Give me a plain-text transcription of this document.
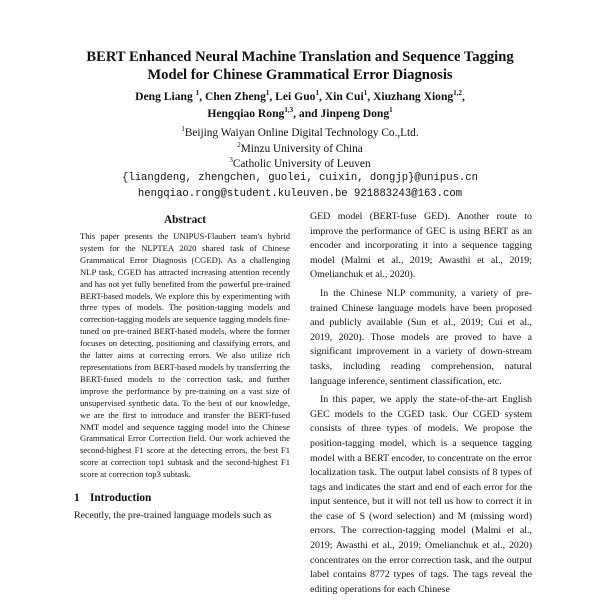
BERT Enhanced Neural Machine Translation and Sequence Tagging
Model for Chinese Grammatical Error Diagnosis
Deng Liang $^1$, Chen Zheng$^1$, Lei Guo$^1$, Xin Cui$^1$, Xiuzhang Xiong$^{1,2}$,
Hengqiao Rong$^{1,3}$, and Jinpeng Dong$^1$
$^1$Beijing Waiyan Online Digital Technology Co.,Ltd.
$^2$Minzu University of China
$^3$Catholic University of Leuven
{liangdeng, zhengchen, guolei, cuixin, dongjp}@unipus.cn
hengqiao.rong@student.kuleuven.be 921883243@163.com
Abstract

This paper presents the UNIPUS-Flaubert team's hybrid system for the NLPTEA 2020 shared task of Chinese Grammatical Error Diagnosis (CGED). As a challenging NLP task, CGED has attracted increasing attention recently and has not yet fully benefited from the powerful pre-trained BERT-based models. We explore this by experimenting with three types of models. The position-tagging models and correction-tagging models are sequence tagging models fine-tuned on pre-trained BERT-based models, where the former focuses on detecting, positioning and classifying errors, and the latter aims at correcting errors. We also utilize rich representations from BERT-based models by transferring the BERT-fused models to the correction task, and further improve the performance by pre-training on a vast size of unsupervised synthetic data. To the best of our knowledge, we are the first to introduce and transfer the BERT-fused NMT model and sequence tagging model into the Chinese Grammatical Error Correction field. Our work achieved the second-highest F1 score at the detecting errors, the best F1 score at correction top1 subtask and the second-highest F1 score at correction top3 subtask.

1 Introduction

Recently, the pre-trained language models such as

GED model (BERT-fuse GED). Another route to improve the performance of GEC is using BERT as an encoder and incorporating it into a sequence tagging model (Malmi et al., 2019; Awasthi et al., 2019; Omelianchuk et al., 2020).

In the Chinese NLP community, a variety of pre-trained Chinese language models have been proposed and publicly available (Sun et al., 2019; Cui et al., 2019, 2020). Those models are proved to have a significant improvement in a variety of down-stream tasks, including reading comprehension, natural language inference, sentiment classification, etc.

In this paper, we apply the state-of-the-art English GEC models to the CGED task. Our CGED system consists of three types of models. We propose the position-tagging model, which is a sequence tagging model with a BERT encoder, to concentrate on the error localization task. The output label consists of 8 types of tags and indicates the start and end of each error for the input sentence, but it will not tell us how to correct it in the case of S (word selection) and M (missing word) errors. The correction-tagging model (Malmi et al., 2019; Awasthi et al., 2019; Omelianchuk et al., 2020) concentrates on the error correction task, and the output label contains 8772 types of tags. The tags reveal the editing operations for each Chinese
